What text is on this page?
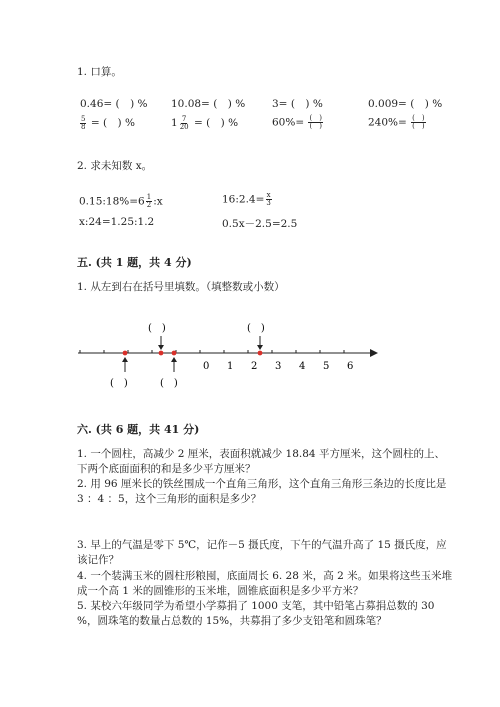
1. 口算。
0.46= (　) % 10.08= (　) %	3= (　) %	0.009= (　) %
$\frac{5}{8}$ = (　) %	$1 \frac{7}{20}$ = (　) %	$60\%= \frac{( )}{( )}$	$240\%= \frac{( )}{( )}$
2. 求未知数 x。
0.15:18%=6 $\frac{1}{2}$ :x	16:2.4= $\frac{x}{3}$
x:24=1.25:1.2	0.5x－2.5=2.5
五. (共 1 题，共 4 分)
1. 从左到右在括号里填数。（填整数或小数）
0 1 2 3 4 5 6
(　)	(　)
(　)	(　)
六. (共 6 题，共 41 分)
1. 一个圆柱，高减少 2 厘米，表面积就减少 18.84 平方厘米，这个圆柱的上、
下两个底面面积的和是多少平方厘米？
2. 用 96 厘米长的铁丝围成一个直角三角形，这个直角三角形三条边的长度比是
3 ：4 ：5，这个三角形的面积是多少？
3. 早上的气温是零下 5℃，记作－5 摄氏度，下午的气温升高了 15 摄氏度，应
该记作？
4. 一个装满玉米的圆柱形粮囤，底面周长 6. 28 米，高 2 米。如果将这些玉米堆
成一个高 1 米的圆锥形的玉米堆，圆锥底面积是多少平方米？
5. 某校六年级同学为希望小学募捐了 1000 支笔，其中铅笔占募捐总数的 30
%，圆珠笔的数量占总数的 15%，共募捐了多少支铅笔和圆珠笔？
